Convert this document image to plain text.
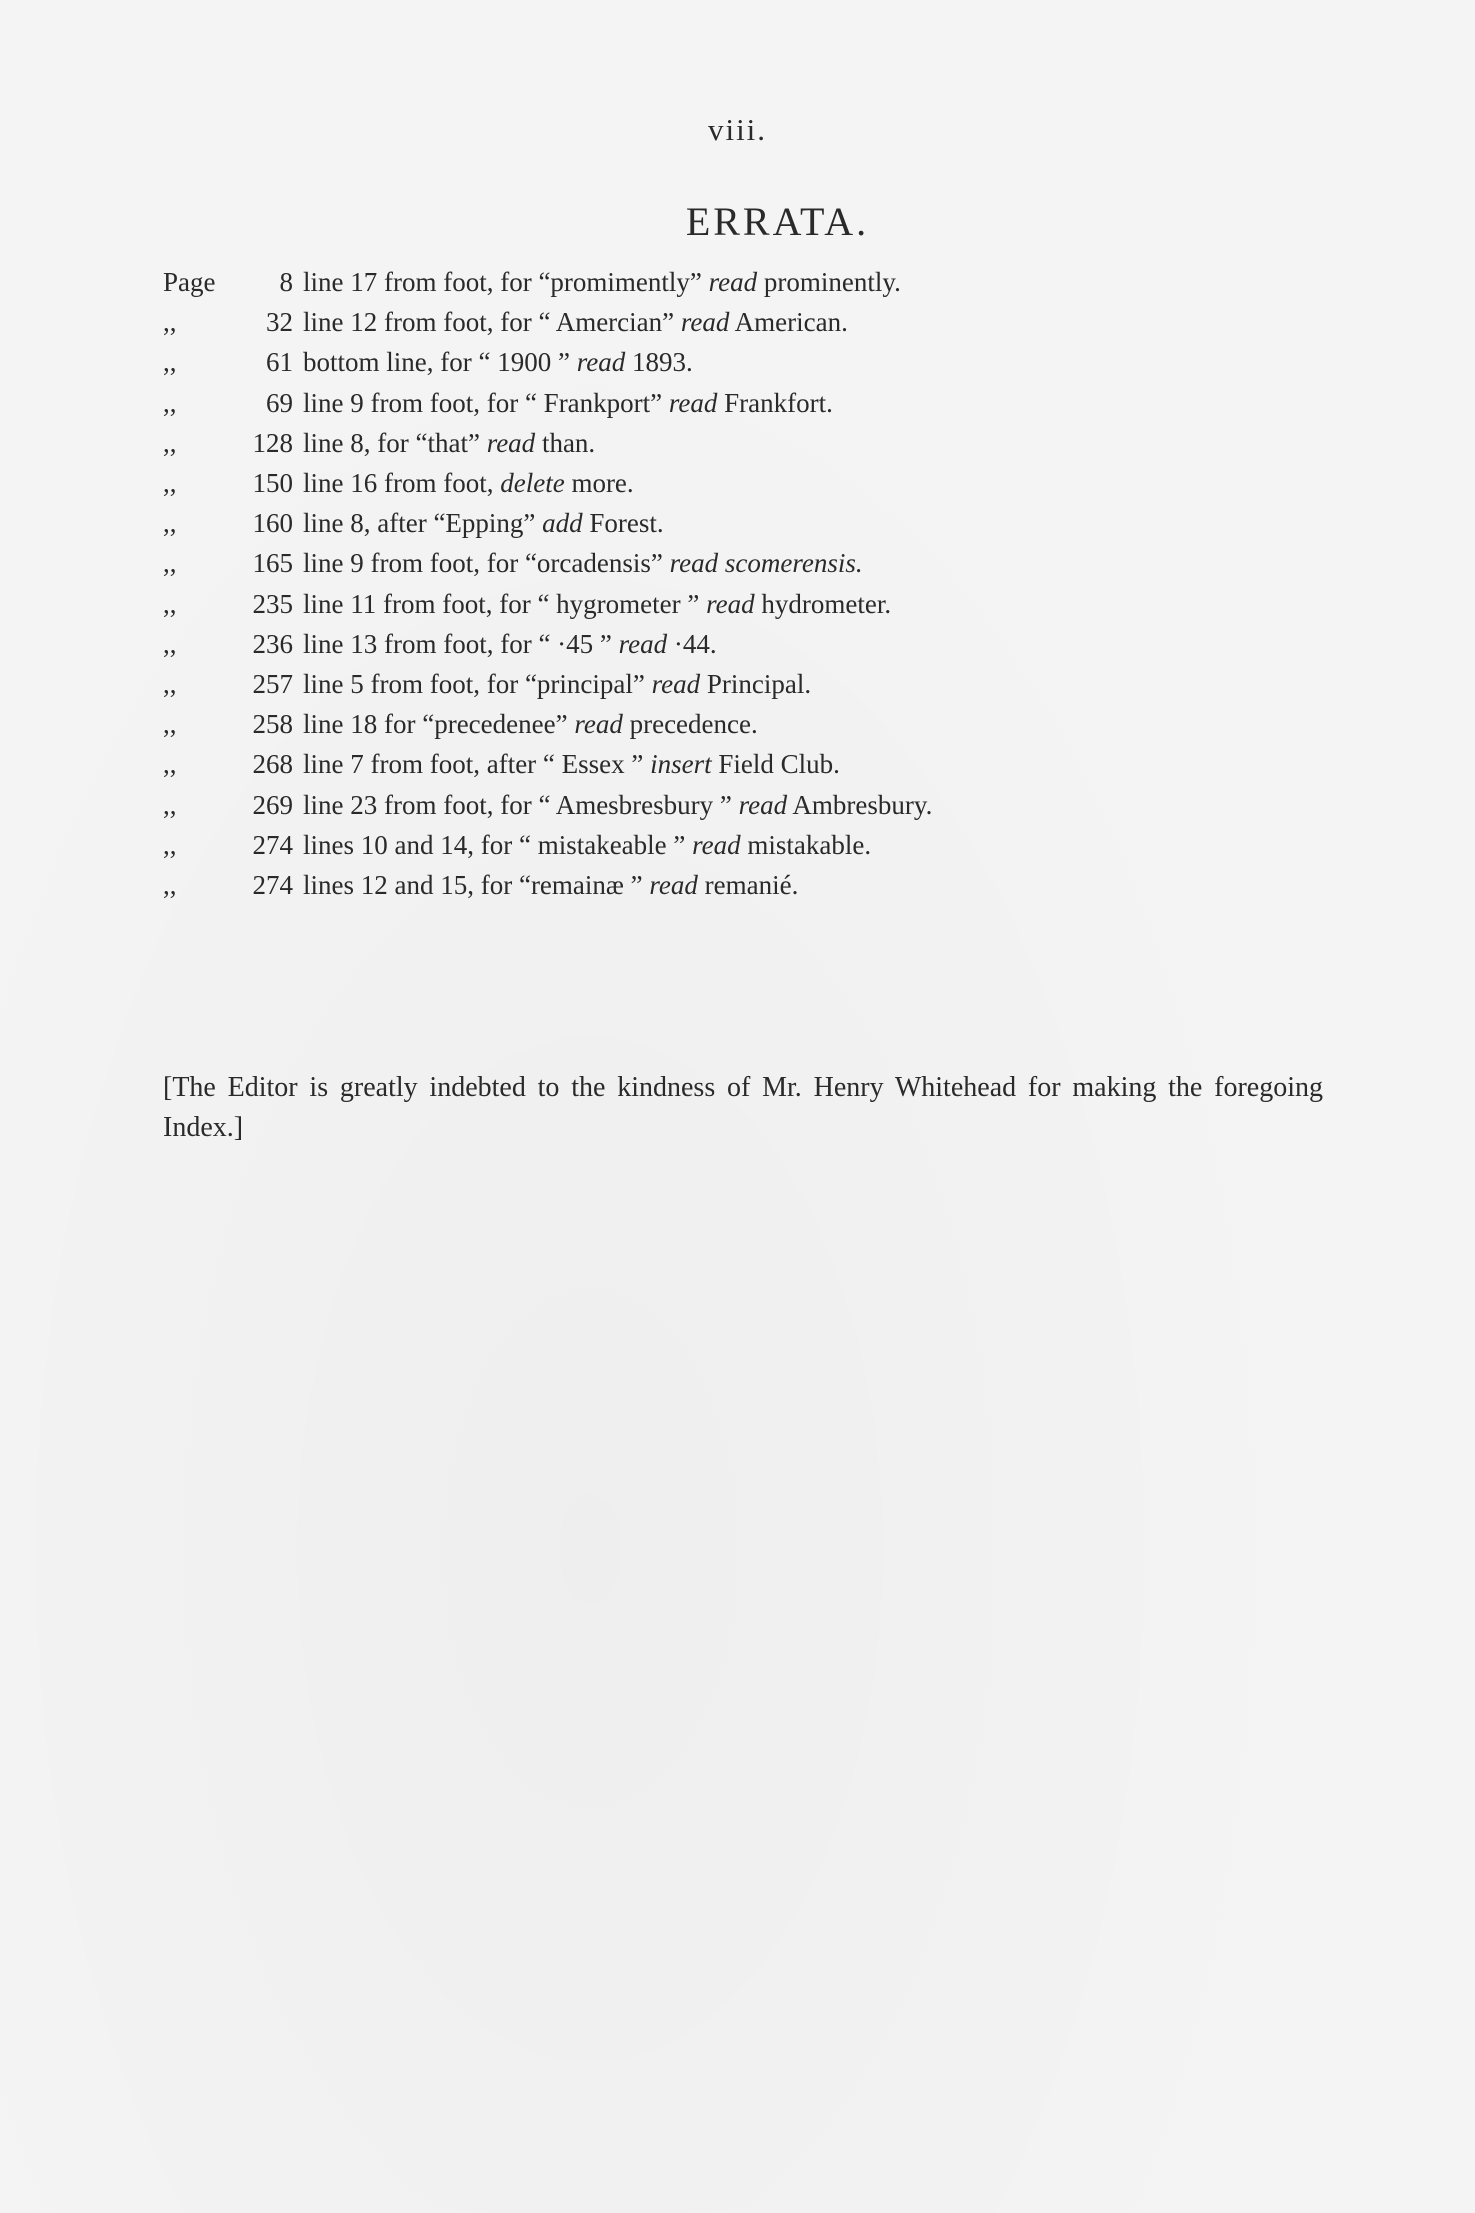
viii.
ERRATA.
Page	8 line 17 from foot, for “promimently” read prominently.
,,	32 line 12 from foot, for “ Amercian” read American.
,,	61 bottom line, for “ 1900 ” read 1893.
,,	69 line 9 from foot, for “ Frankport” read Frankfort.
,,	128 line 8, for “that” read than.
,,	150 line 16 from foot, delete more.
,,	160 line 8, after “Epping” add Forest.
,,	165 line 9 from foot, for “orcadensis” read scomerensis.
,,	235 line 11 from foot, for “ hygrometer ” read hydrometer.
,,	236 line 13 from foot, for “ ·45 ” read ·44.
,,	257 line 5 from foot, for “principal” read Principal.
,,	258 line 18 for “precedenee” read precedence.
,,	268 line 7 from foot, after “ Essex ” insert Field Club.
,,	269 line 23 from foot, for “ Amesbresbury ” read Ambresbury.
,,	274 lines 10 and 14, for “ mistakeable ” read mistakable.
,,	274 lines 12 and 15, for “remainæ ” read remanié.

[The Editor is greatly indebted to the kindness of Mr. Henry Whitehead for making the foregoing Index.]
